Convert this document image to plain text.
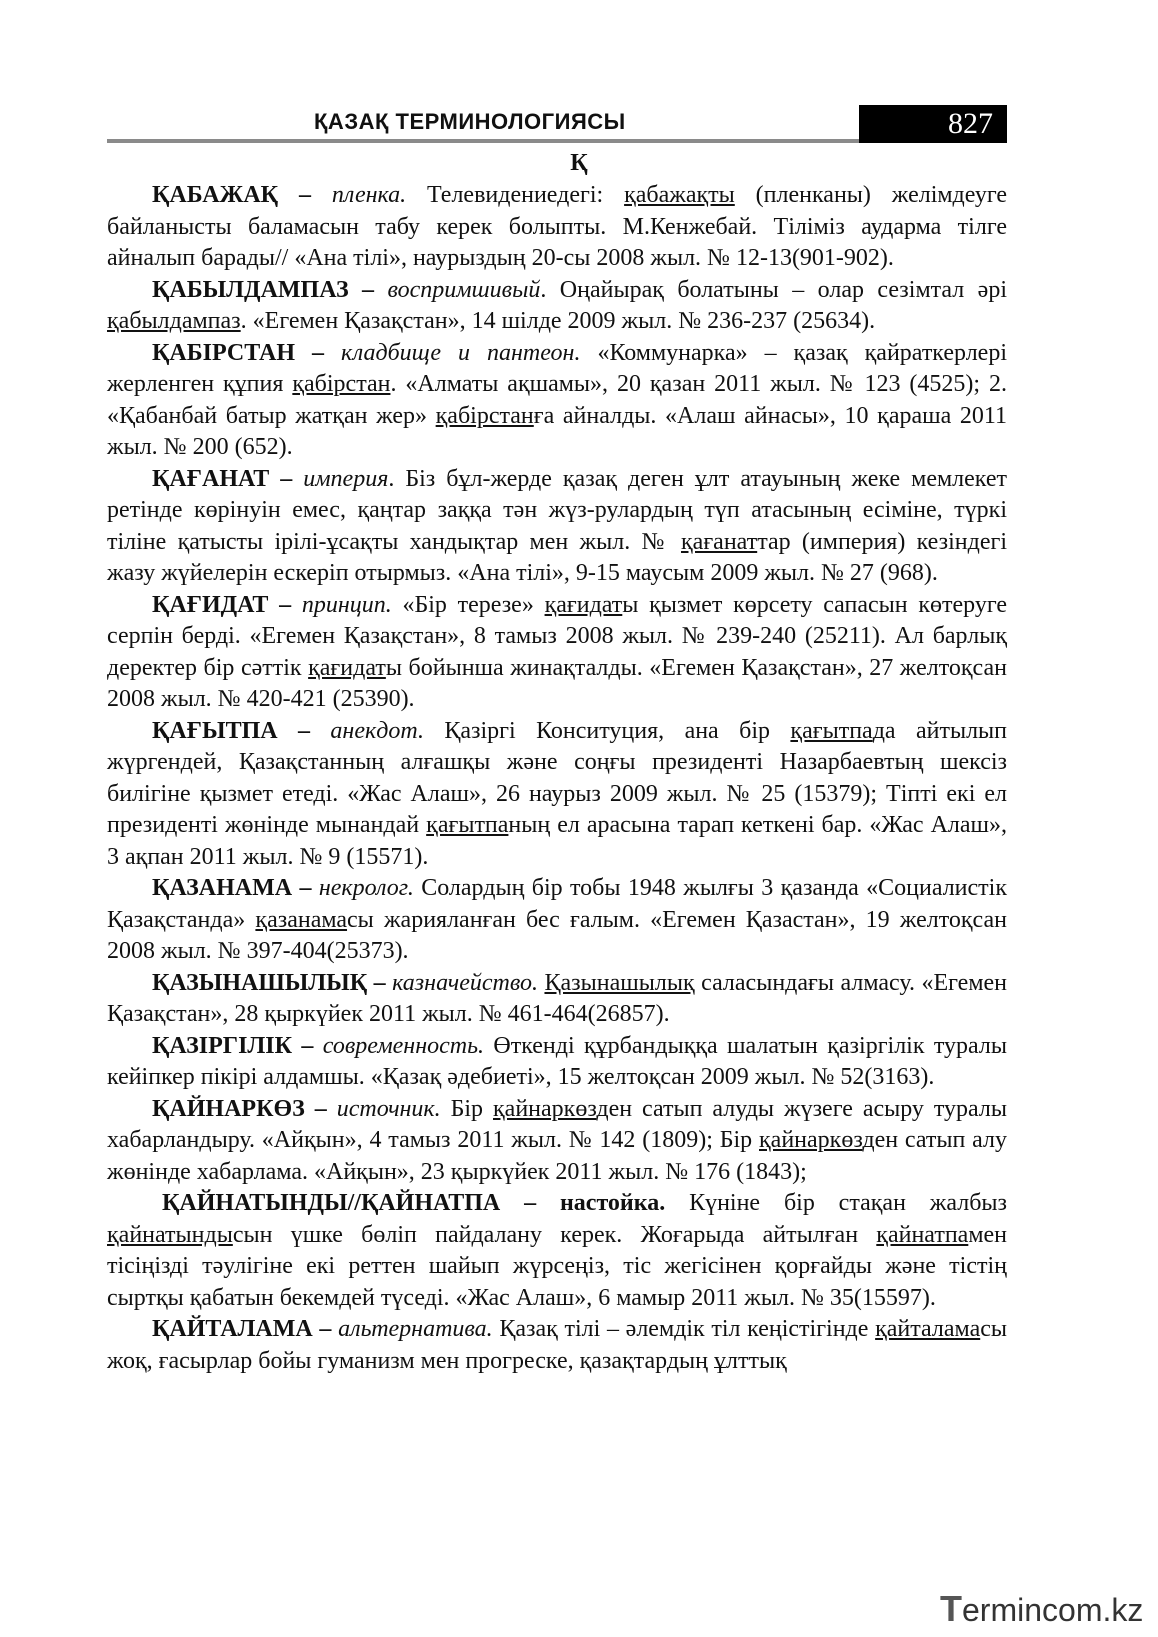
ҚАЗАҚ ТЕРМИНОЛОГИЯСЫ	827
Қ

ҚАБАЖАҚ – пленка. Телевидениедегі: қабажақты (пленканы) желімдеуге байланысты баламасын табу керек болыпты. М.Кенжебай. Тіліміз аударма тілге айналып барады// «Ана тілі», наурыздың 20-сы 2008 жыл. № 12-13(901-902).

ҚАБЫЛДАМПАЗ – воспримшивый. Оңайырақ болатыны – олар сезімтал әрі қабылдампаз. «Егемен Қазақстан», 14 шілде 2009 жыл. № 236-237 (25634).

ҚАБІРСТАН – кладбище и пантеон. «Коммунарка» – қазақ қайраткерлері жерленген құпия қабірстан. «Алматы ақшамы», 20 қазан 2011 жыл. № 123 (4525); 2. «Қабанбай батыр жатқан жер» қабірстанға айналды. «Алаш айнасы», 10 қараша 2011 жыл. № 200 (652).

ҚАҒАНАТ – империя. Біз бұл-жерде қазақ деген ұлт атауының жеке мемлекет ретінде көрінуін емес, қаңтар заққа тән жүз-рулардың түп атасының есіміне, түркі тіліне қатысты ірілі-ұсақты хандықтар мен жыл. № қағанаттар (империя) кезіндегі жазу жүйелерін ескеріп отырмыз. «Ана тілі», 9-15 маусым 2009 жыл. № 27 (968).

ҚАҒИДАТ – принцип. «Бір терезе» қағидаты қызмет көрсету сапасын көтеруге серпін берді. «Егемен Қазақстан», 8 тамыз 2008 жыл. № 239-240 (25211). Ал барлық деректер бір сәттік қағидаты бойынша жинақталды. «Егемен Қазақстан», 27 желтоқсан 2008 жыл. № 420-421 (25390).

ҚАҒЫТПА – анекдот. Қазіргі Конситуция, ана бір қағытпада айтылып жүргендей, Қазақстанның алғашқы және соңғы президенті Назарбаевтың шексіз билігіне қызмет етеді. «Жас Алаш», 26 наурыз 2009 жыл. № 25 (15379); Тіпті екі ел президенті жөнінде мынандай қағытпаның ел арасына тарап кеткені бар. «Жас Алаш», 3 ақпан 2011 жыл. № 9 (15571).

ҚАЗАНАМА – некролог. Солардың бір тобы 1948 жылғы 3 қазанда «Социалистік Қазақстанда» қазанамасы жарияланған бес ғалым. «Егемен Қазастан», 19 желтоқсан 2008 жыл. № 397-404(25373).

ҚАЗЫНАШЫЛЫҚ – казначейство. Қазынашылық саласындағы алмасу. «Егемен Қазақстан», 28 қыркүйек 2011 жыл. № 461-464(26857).

ҚАЗІРГІЛІК – современность. Өткенді құрбандыққа шалатын қазіргілік туралы кейіпкер пікірі алдамшы. «Қазақ әдебиеті», 15 желтоқсан 2009 жыл. № 52(3163).

ҚАЙНАРКӨЗ – источник. Бір қайнаркөзден сатып алуды жүзеге асыру туралы хабарландыру. «Айқын», 4 тамыз 2011 жыл. № 142 (1809); Бір қайнаркөзден сатып алу жөнінде хабарлама. «Айқын», 23 қыркүйек 2011 жыл. № 176 (1843);

ҚАЙНАТЫНДЫ//ҚАЙНАТПА – настойка. Күніне бір стақан жалбыз қайнатындысын үшке бөліп пайдалану керек. Жоғарыда айтылған қайнатпамен тісіңізді тәулігіне екі реттен шайып жүрсеңіз, тіс жегісінен қорғайды және тістің сыртқы қабатын бекемдей түседі. «Жас Алаш», 6 мамыр 2011 жыл. № 35(15597).

ҚАЙТАЛАМА – альтернатива. Қазақ тілі – әлемдік тіл кеңістігінде қайталамасы жоқ, ғасырлар бойы гуманизм мен прогреске, қазақтардың ұлттық

Termincom.kz
